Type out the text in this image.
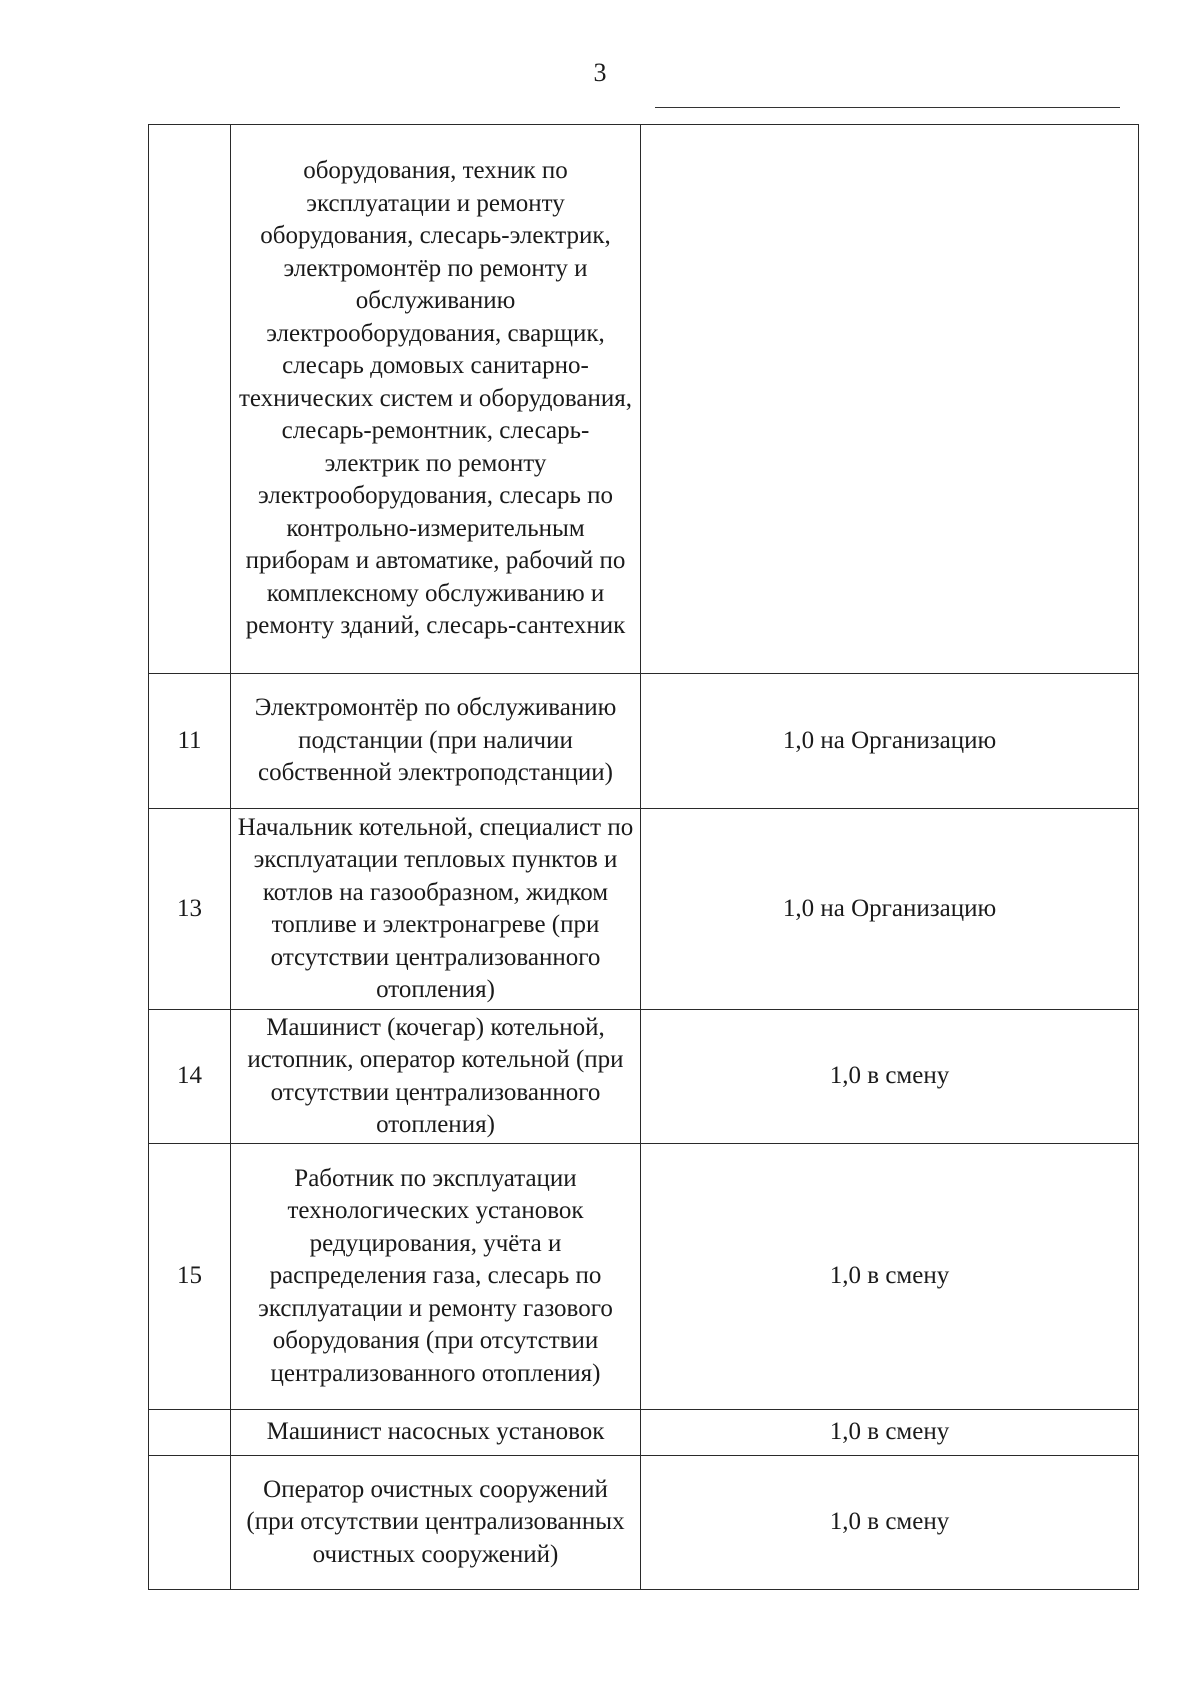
3

	оборудования, техник по эксплуатации и ремонту оборудования, слесарь-электрик, электромонтёр по ремонту и обслуживанию электрооборудования, сварщик, слесарь домовых санитарно-технических систем и оборудования, слесарь-ремонтник, слесарь-электрик по ремонту электрооборудования, слесарь по контрольно-измерительным приборам и автоматике, рабочий по комплексному обслуживанию и ремонту зданий, слесарь-сантехник	

11	Электромонтёр по обслуживанию подстанции (при наличии собственной электроподстанции)	1,0 на Организацию

13	Начальник котельной, специалист по эксплуатации тепловых пунктов и котлов на газообразном, жидком топливе и электронагреве (при отсутствии централизованного отопления)	1,0 на Организацию

14	Машинист (кочегар) котельной, истопник, оператор котельной (при отсутствии централизованного отопления)	1,0 в смену

15	Работник по эксплуатации технологических установок редуцирования, учёта и распределения газа, слесарь по эксплуатации и ремонту газового оборудования (при отсутствии централизованного отопления)	1,0 в смену

	Машинист насосных установок	1,0 в смену

	Оператор очистных сооружений (при отсутствии централизованных очистных сооружений)	1,0 в смену
